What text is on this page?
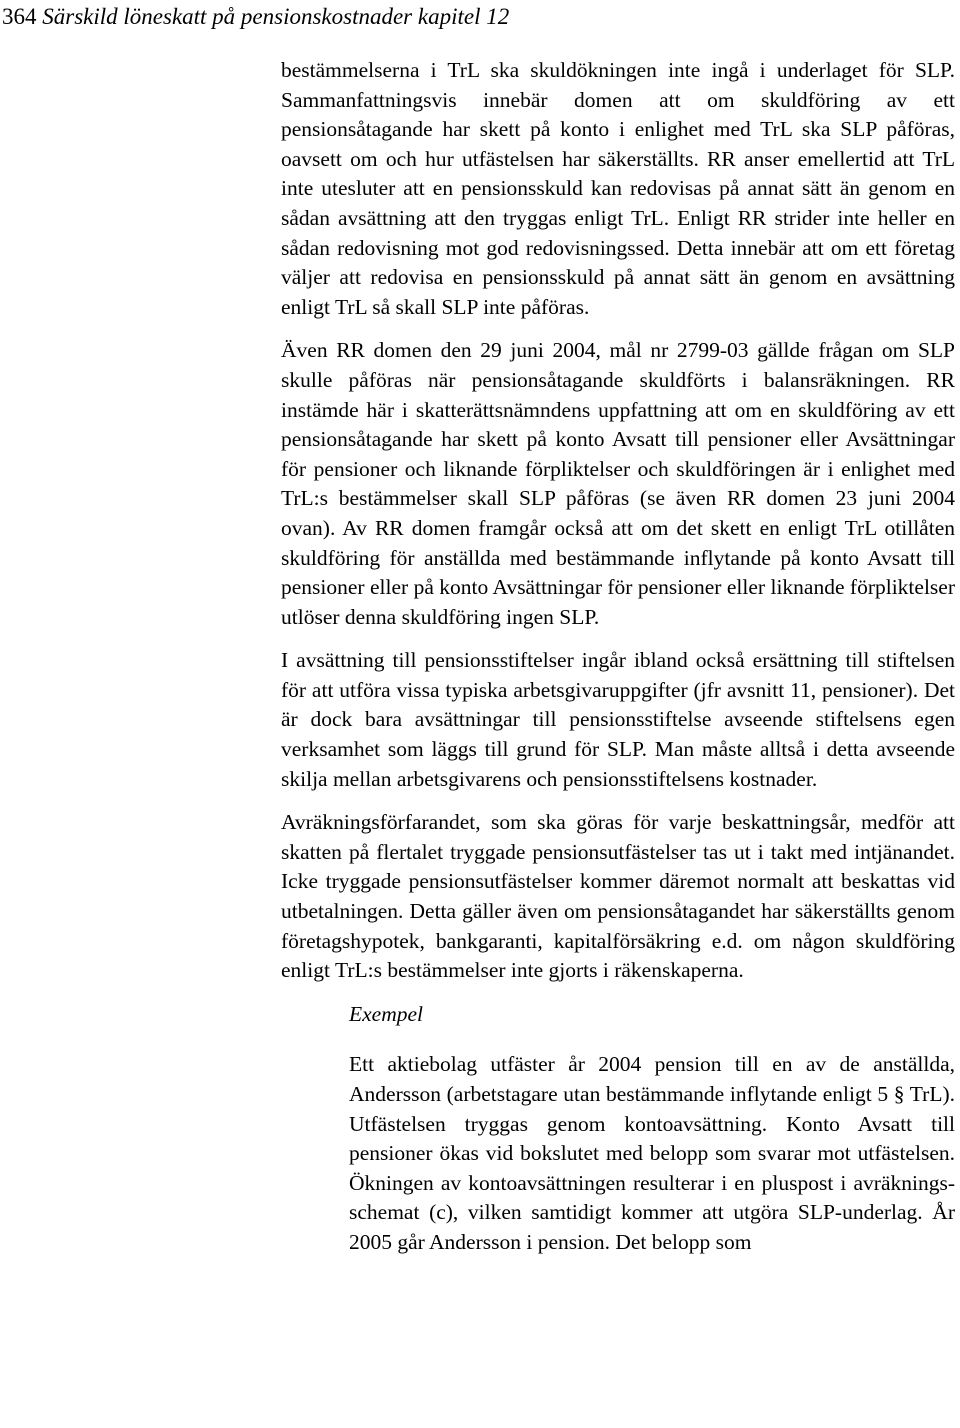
364 Särskild löneskatt på pensionskostnader kapitel 12

bestämmelserna i TrL ska skuldökningen inte ingå i underlaget för SLP. Sammanfattningsvis innebär domen att om skuldföring av ett pensionsåtagande har skett på konto i enlighet med TrL ska SLP påföras, oavsett om och hur utfästelsen har säkerställts. RR anser emellertid att TrL inte utesluter att en pensionsskuld kan redovisas på annat sätt än genom en sådan avsättning att den tryggas enligt TrL. Enligt RR strider inte heller en sådan redovisning mot god redovisningssed. Detta innebär att om ett företag väljer att redovisa en pensionsskuld på annat sätt än genom en avsättning enligt TrL så skall SLP inte påföras.

Även RR domen den 29 juni 2004, mål nr 2799-03 gällde frågan om SLP skulle påföras när pensionsåtagande skuldförts i balansräkningen. RR instämde här i skatterättsnämndens uppfattning att om en skuldföring av ett pensionsåtagande har skett på konto Avsatt till pensioner eller Avsättningar för pensioner och liknande förpliktelser och skuldföringen är i enlighet med TrL:s bestämmelser skall SLP påföras (se även RR domen 23 juni 2004 ovan). Av RR domen framgår också att om det skett en enligt TrL otillåten skuldföring för anställda med bestämmande inflytande på konto Avsatt till pensioner eller på konto Avsättningar för pensioner eller liknande förpliktelser utlöser denna skuldföring ingen SLP.

I avsättning till pensionsstiftelser ingår ibland också ersättning till stiftelsen för att utföra vissa typiska arbetsgivaruppgifter (jfr avsnitt 11, pensioner). Det är dock bara avsättningar till pensionsstiftelse avseende stiftelsens egen verksamhet som läggs till grund för SLP. Man måste alltså i detta avseende skilja mellan arbetsgivarens och pensionsstiftelsens kostnader.

Avräkningsförfarandet, som ska göras för varje beskattningsår, medför att skatten på flertalet tryggade pensionsutfästelser tas ut i takt med intjänandet. Icke tryggade pensionsutfästelser kommer däremot normalt att beskattas vid utbetalningen. Detta gäller även om pensionsåtagandet har säkerställts genom företagshypotek, bankgaranti, kapitalförsäkring e.d. om någon skuldföring enligt TrL:s bestämmelser inte gjorts i räkenskaperna.

Exempel

Ett aktiebolag utfäster år 2004 pension till en av de anställda, Andersson (arbetstagare utan bestämmande inflytande enligt 5 § TrL). Utfästelsen tryggas genom kontoavsättning. Konto Avsatt till pensioner ökas vid bokslutet med belopp som svarar mot utfästelsen. Ökningen av kontoavsättningen resulterar i en pluspost i avräkningsschemat (c), vilken samtidigt kommer att utgöra SLP-underlag. År 2005 går Andersson i pension. Det belopp som
